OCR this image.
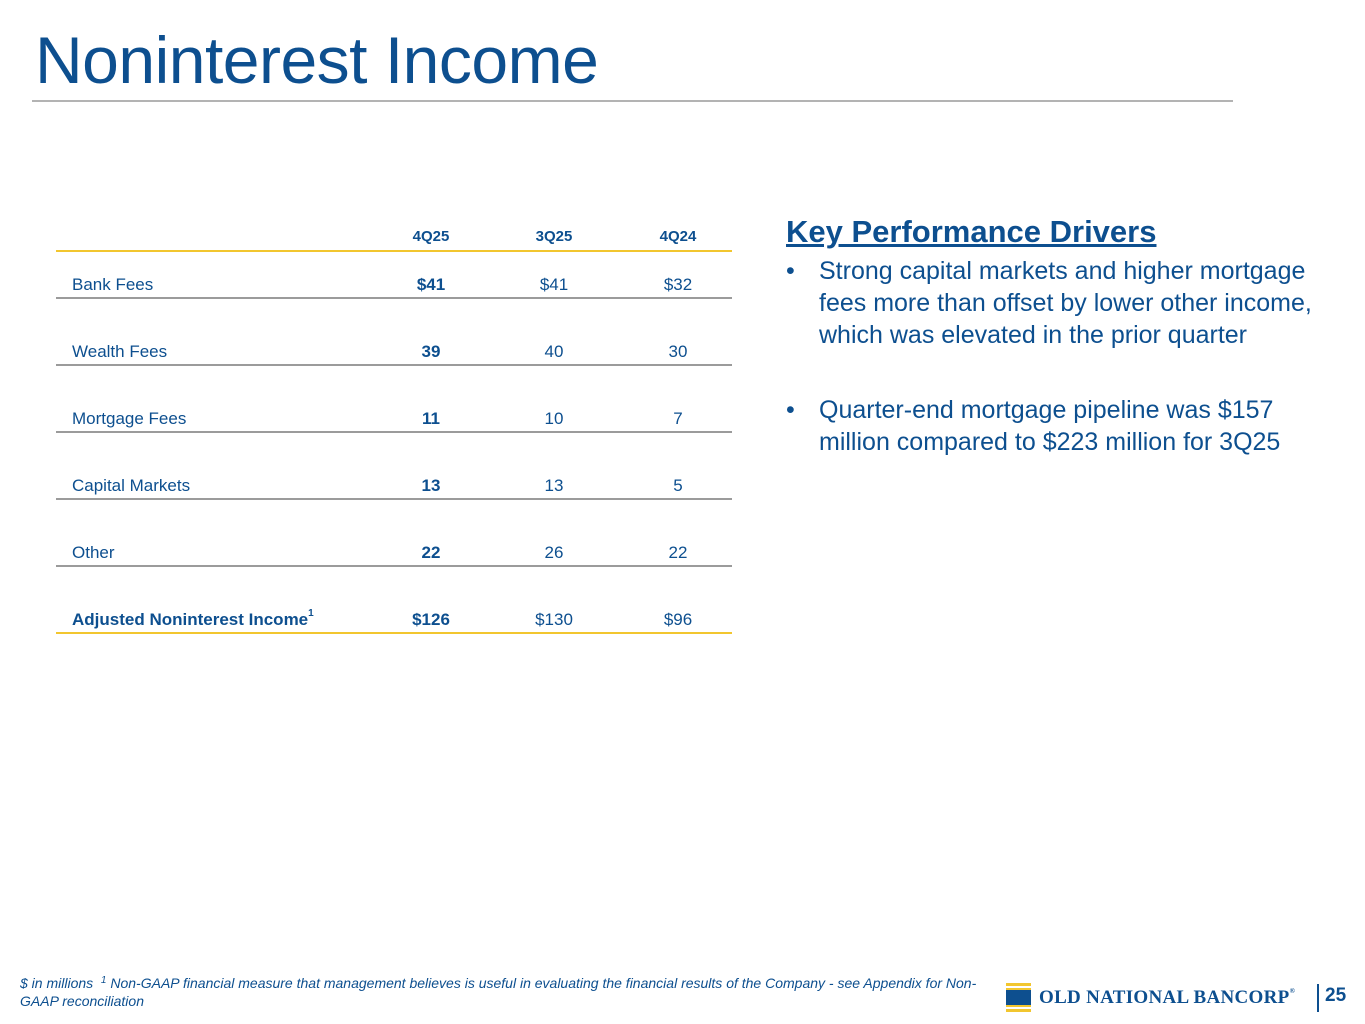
Noninterest Income
4Q25	3Q25	4Q24
Bank Fees	$41	$41	$32
Wealth Fees	39	40	30
Mortgage Fees	11	10	7
Capital Markets	13	13	5
Other	22	26	22
Adjusted Noninterest Income$^1$	$126	$130	$96
Key Performance Drivers
• Strong capital markets and higher mortgage fees more than offset by lower other income, which was elevated in the prior quarter
• Quarter-end mortgage pipeline was $157 million compared to $223 million for 3Q25
$ in millions $^1$ Non-GAAP financial measure that management believes is useful in evaluating the financial results of the Company - see Appendix for Non-GAAP reconciliation	OLD NATIONAL BANCORP® 25
